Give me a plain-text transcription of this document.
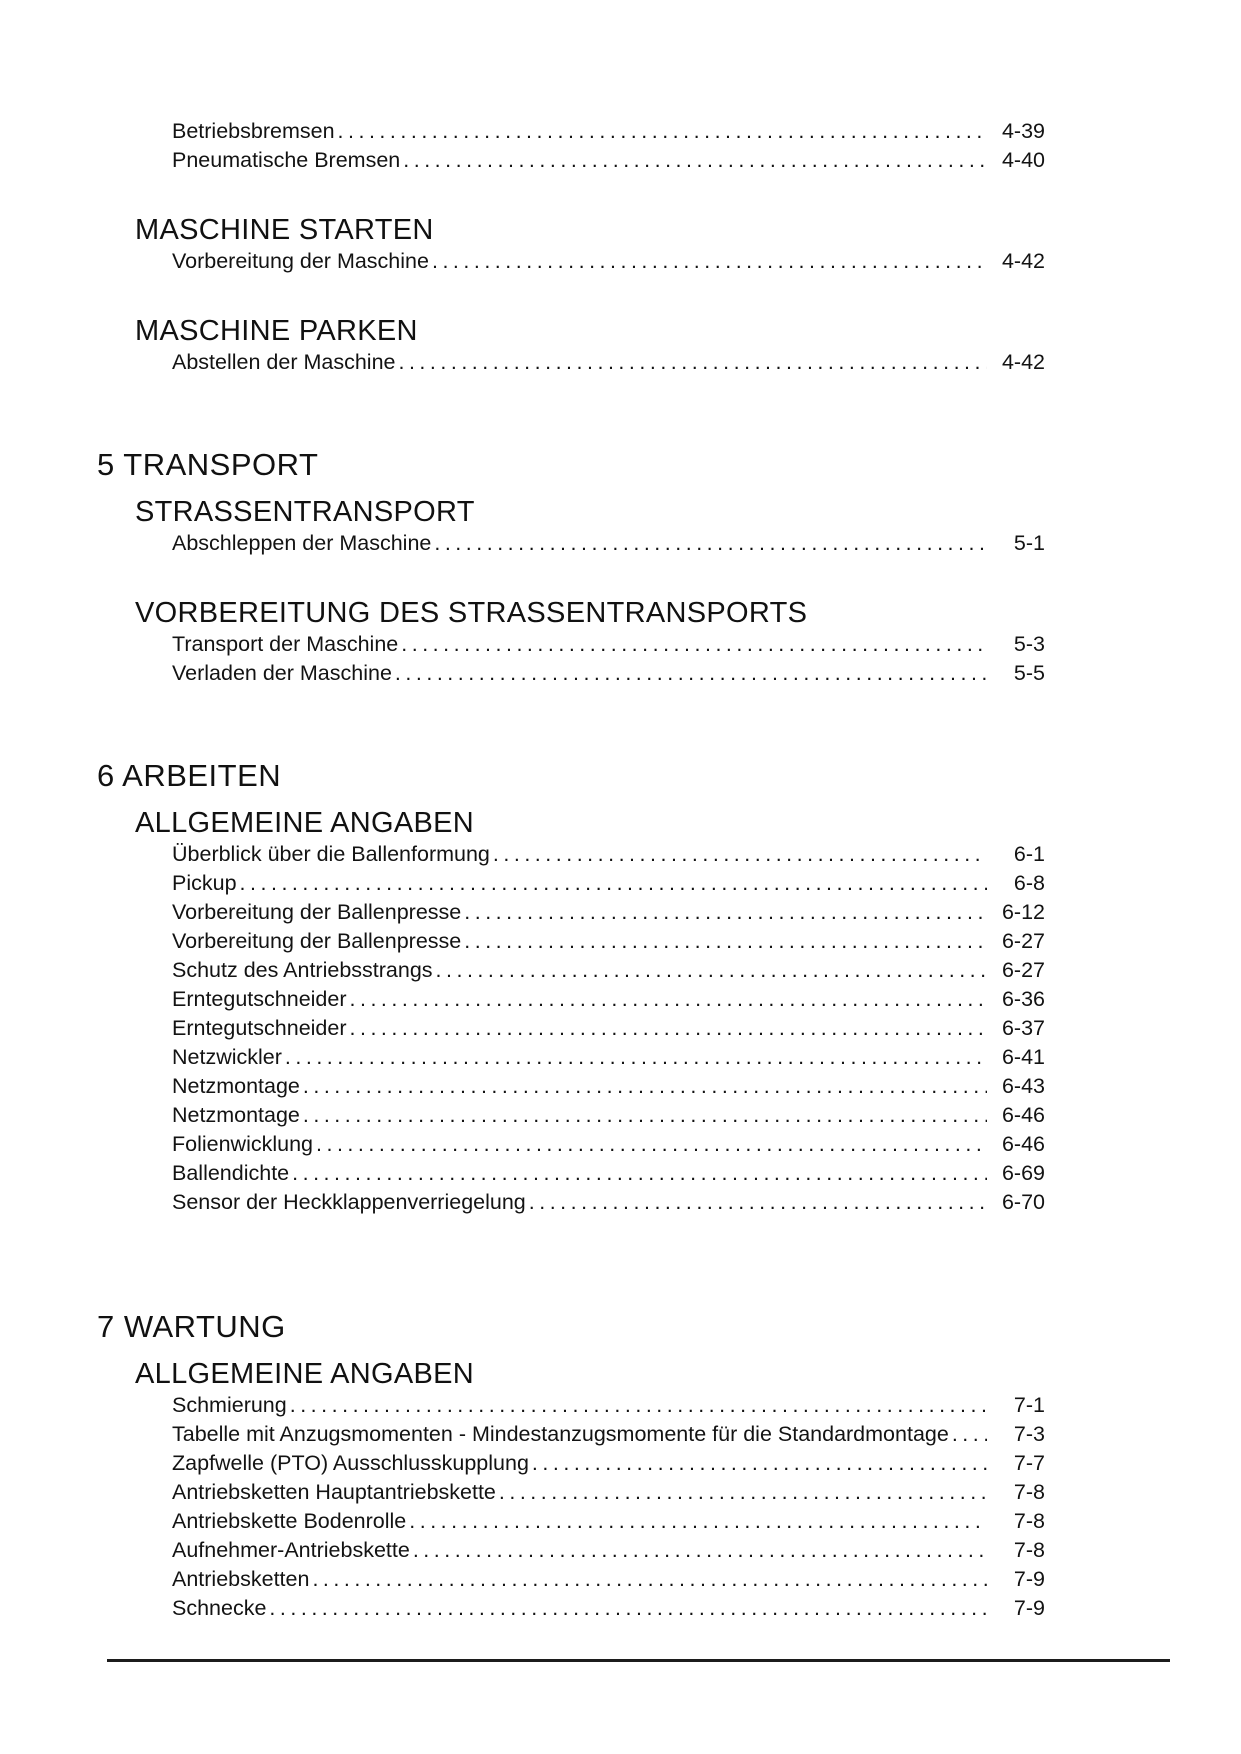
Betriebsbremsen .....	4-39
Pneumatische Bremsen .....	4-40
MASCHINE STARTEN
Vorbereitung der Maschine .....	4-42
MASCHINE PARKEN
Abstellen der Maschine .....	4-42
5 TRANSPORT
STRASSENTRANSPORT
Abschleppen der Maschine .....	5-1
VORBEREITUNG DES STRASSENTRANSPORTS
Transport der Maschine .....	5-3
Verladen der Maschine .....	5-5
6 ARBEITEN
ALLGEMEINE ANGABEN
Überblick über die Ballenformung .....	6-1
Pickup .....	6-8
Vorbereitung der Ballenpresse .....	6-12
Vorbereitung der Ballenpresse .....	6-27
Schutz des Antriebsstrangs .....	6-27
Erntegutschneider .....	6-36
Erntegutschneider .....	6-37
Netzwickler .....	6-41
Netzmontage .....	6-43
Netzmontage .....	6-46
Folienwicklung .....	6-46
Ballendichte .....	6-69
Sensor der Heckklappenverriegelung .....	6-70
7 WARTUNG
ALLGEMEINE ANGABEN
Schmierung .....	7-1
Tabelle mit Anzugsmomenten - Mindestanzugsmomente für die Standardmontage .....	7-3
Zapfwelle (PTO) Ausschlusskupplung .....	7-7
Antriebsketten Hauptantriebskette .....	7-8
Antriebskette Bodenrolle .....	7-8
Aufnehmer-Antriebskette .....	7-8
Antriebsketten .....	7-9
Schnecke .....	7-9
